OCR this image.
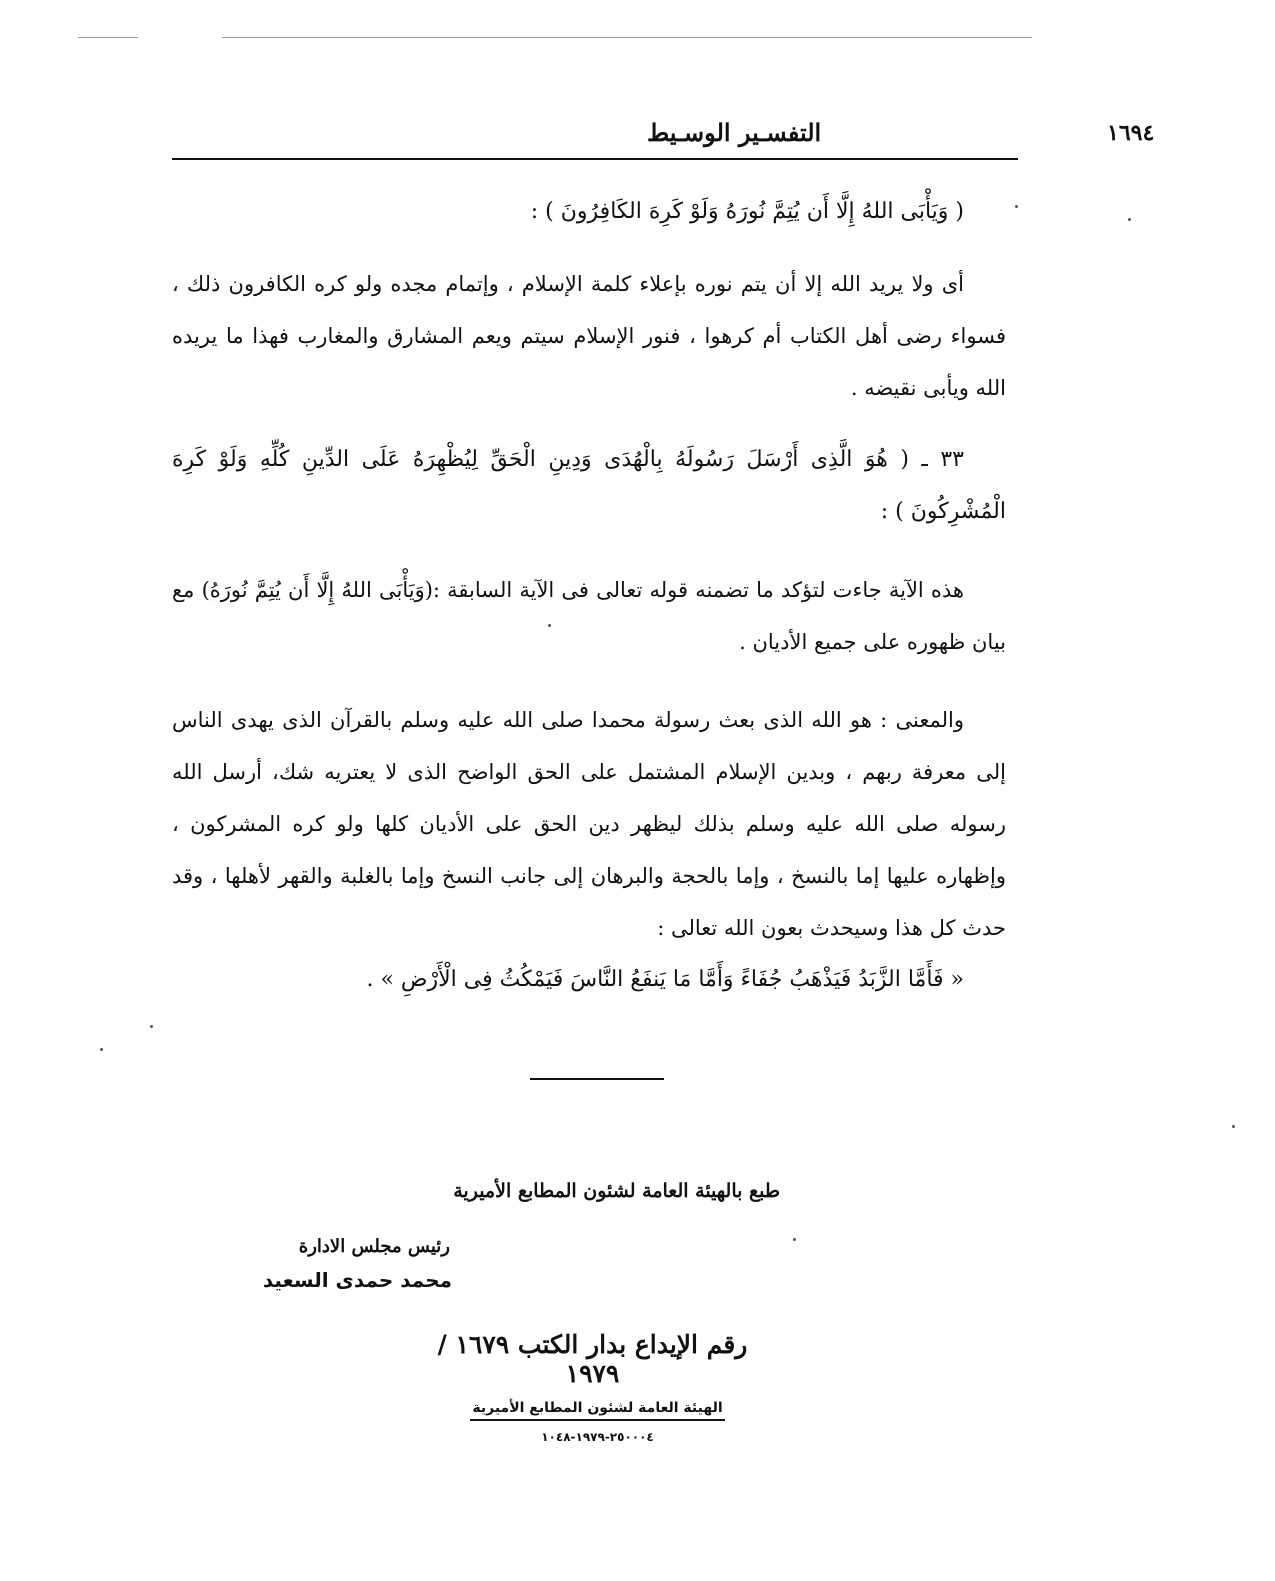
١٦٩٤
التفسـير الوسـيط

( وَيَأْبَى اللهُ إِلَّا أَن يُتِمَّ نُورَهُ وَلَوْ كَرِهَ الكَافِرُونَ ) :

أى ولا يريد الله إلا أن يتم نوره بإعلاء كلمة الإسلام ، وإتمام مجده ولو كره الكافرون ذلك ، فسواء رضى أهل الكتاب أم كرهوا ، فنور الإسلام سيتم ويعم المشارق والمغارب فهذا ما يريده الله ويأبى نقيضه .

٣٣ ـ ( هُوَ الَّذِى أَرْسَلَ رَسُولَهُ بِالْهُدَى وَدِينِ الْحَقِّ لِيُظْهِرَهُ عَلَى الدِّينِ كُلِّهِ وَلَوْ كَرِهَ الْمُشْرِكُونَ ) :

هذه الآية جاءت لتؤكد ما تضمنه قوله تعالى فى الآية السابقة :(وَيَأْبَى اللهُ إِلَّا أَن يُتِمَّ نُورَهُ) مع بيان ظهوره على جميع الأديان .

والمعنى : هو الله الذى بعث رسولة محمدا صلى الله عليه وسلم بالقرآن الذى يهدى الناس إلى معرفة ربهم ، وبدين الإسلام المشتمل على الحق الواضح الذى لا يعتريه شك، أرسل الله رسوله صلى الله عليه وسلم بذلك ليظهر دين الحق على الأديان كلها ولو كره المشركون ، وإظهاره عليها إما بالنسخ ، وإما بالحجة والبرهان إلى جانب النسخ وإما بالغلبة والقهر لأهلها ، وقد حدث كل هذا وسيحدث بعون الله تعالى :

« فَأَمَّا الزَّبَدُ فَيَذْهَبُ جُفَاءً وَأَمَّا مَا يَنفَعُ النَّاسَ فَيَمْكُثُ فِى الْأَرْضِ » .

طبع بالهيئة العامة لشئون المطابع الأميرية
رئيس مجلس الادارة
محمد حمدى السعيد
رقم الإيداع بدار الكتب ١٦٧٩ / ١٩٧٩
الهيئة العامة لشئون المطابع الأميرية
٢٥٠٠٠٤-١٩٧٩-١٠٤٨
